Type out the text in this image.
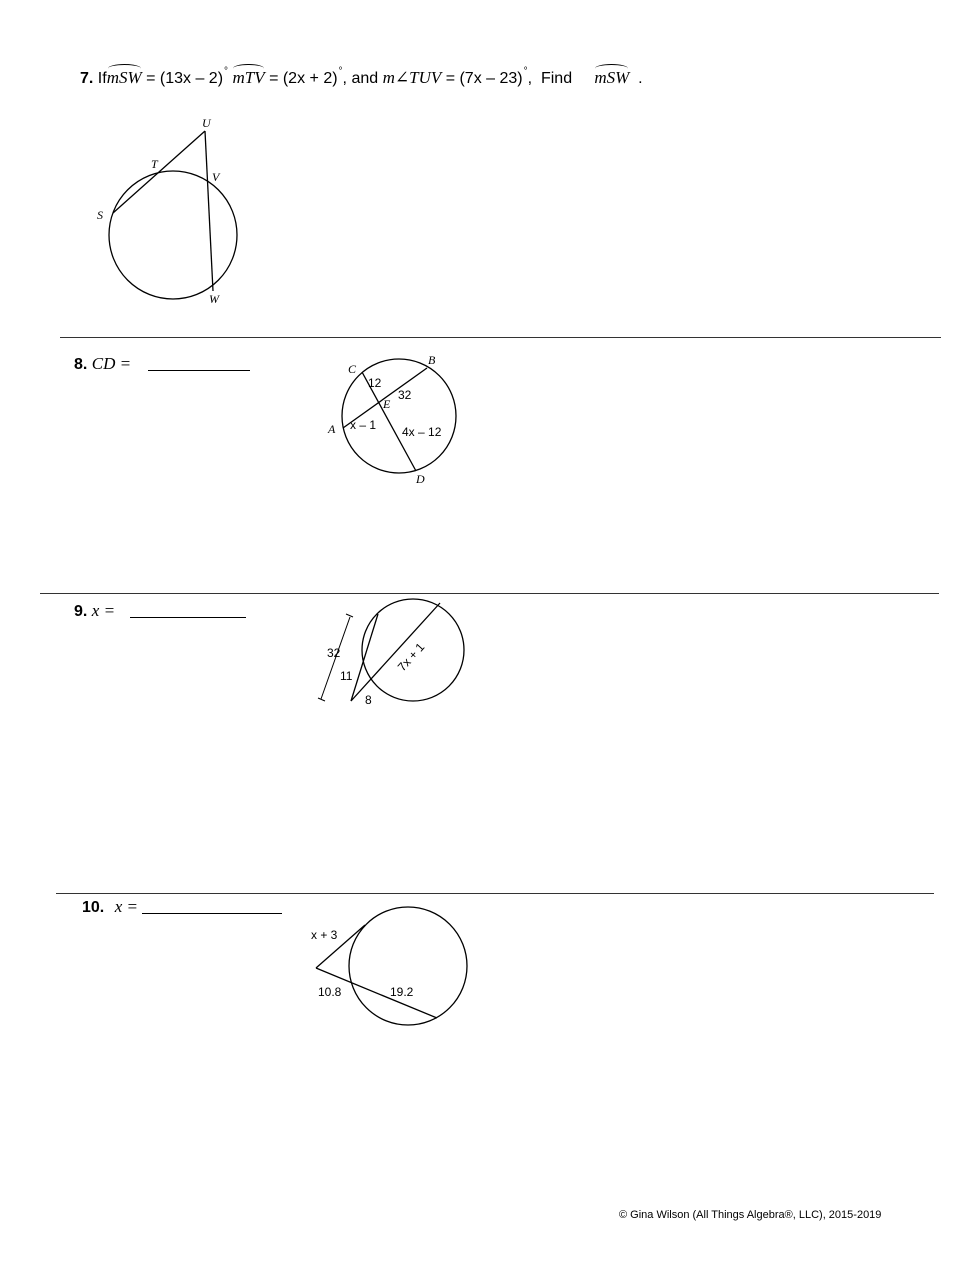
7. IfmSW = (13x – 2)° mTV = (2x + 2)°, and m∠TUV = (7x – 23)°, Find mSW .
8. CD =
9. x =
10. x =
U
T
V
S
W
C
B
E
A
D
12
32
x – 1 4x – 12
32
11
8
7x + 1
x + 3
10.8	19.2
© Gina Wilson (All Things Algebra®, LLC), 2015-2019
